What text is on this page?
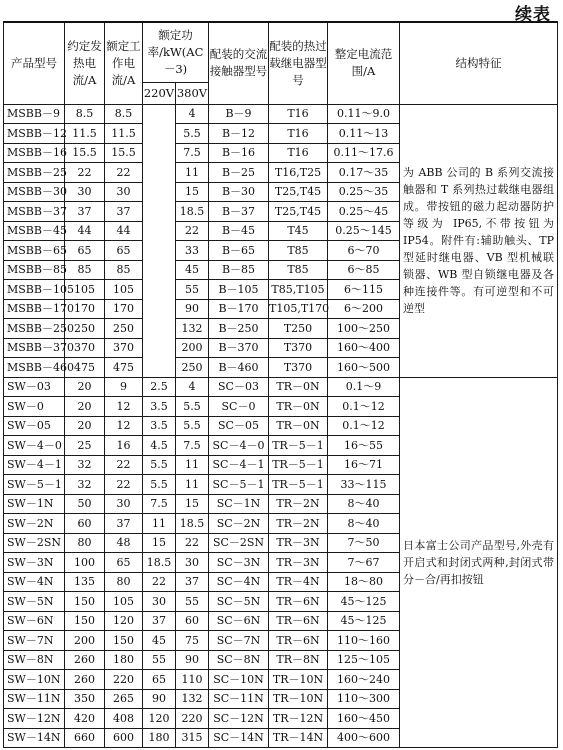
续表
产品型号	约定发热电流/A	额定工作电流/A	额定功率/kW(AC－3)		配装的交流接触器型号	配装的热过载继电器型号	整定电流范围/A	结构特征
			220V	380V				
MSBB－9	8.5	8.5		4	B－9	T16	0.11～9.0	为 ABB 公司的 B 系列交流接触器和 T 系列热过载继电器组成。带按钮的磁力起动器防护等级为 IP65,不带按钮为 IP54。附件有:辅助触头、TP 型延时继电器、VB 型机械联锁器、WB 型自锁继电器及各种连接件等。有可逆型和不可逆型
MSBB－12	11.5	11.5		5.5	B－12	T16	0.11～13	
MSBB－16	15.5	15.5		7.5	B－16	T16	0.11～17.6	
MSBB－25	22	22		11	B－25	T16,T25	0.17～35	
MSBB－30	30	30		15	B－30	T25,T45	0.25～35	
MSBB－37	37	37		18.5	B－37	T25,T45	0.25～45	
MSBB－45	44	44		22	B－45	T45	0.25～145	
MSBB－65	65	65		33	B－65	T85	6～70	
MSBB－85	85	85		45	B－85	T85	6～85	
MSBB－105	105	105		55	B－105	T85,T105	6～115	
MSBB－170	170	170		90	B－170	T105,T170	6～200	
MSBB－250	250	250		132	B－250	T250	100～250	
MSBB－370	370	370		200	B－370	T370	160～400	
MSBB－460	475	475		250	B－460	T370	160～500	
SW－03	20	9	2.5	4	SC－03	TR－0N	0.1～9	日本富士公司产品型号,外壳有开启式和封闭式两种,封闭式带分－合/再扣按钮
SW－0	20	12	3.5	5.5	SC－0	TR－0N	0.1～12	
SW－05	20	12	3.5	5.5	SC－05	TR－0N	0.1～12	
SW－4－0	25	16	4.5	7.5	SC－4－0	TR－5－1	16～55	
SW－4－1	32	22	5.5	11	SC－4－1	TR－5－1	16～71	
SW－5－1	32	22	5.5	11	SC－5－1	TR－5－1	33～115	
SW－1N	50	30	7.5	15	SC－1N	TR－2N	8～40	
SW－2N	60	37	11	18.5	SC－2N	TR－2N	8～40	
SW－2SN	80	48	15	22	SC－2SN	TR－3N	7～50	
SW－3N	100	65	18.5	30	SC－3N	TR－3N	7～67	
SW－4N	135	80	22	37	SC－4N	TR－4N	18～80	
SW－5N	150	105	30	55	SC－5N	TR－6N	45～125	
SW－6N	150	120	37	60	SC－6N	TR－6N	45～125	
SW－7N	200	150	45	75	SC－7N	TR－6N	110～160	
SW－8N	260	180	55	90	SC－8N	TR－8N	125～105	
SW－10N	260	220	65	110	SC－10N	TR－10N	160～240	
SW－11N	350	265	90	132	SC－11N	TR－10N	110～300	
SW－12N	420	408	120	220	SC－12N	TR－12N	160～450	
SW－14N	660	600	180	315	SC－14N	TR－14N	400～600	
